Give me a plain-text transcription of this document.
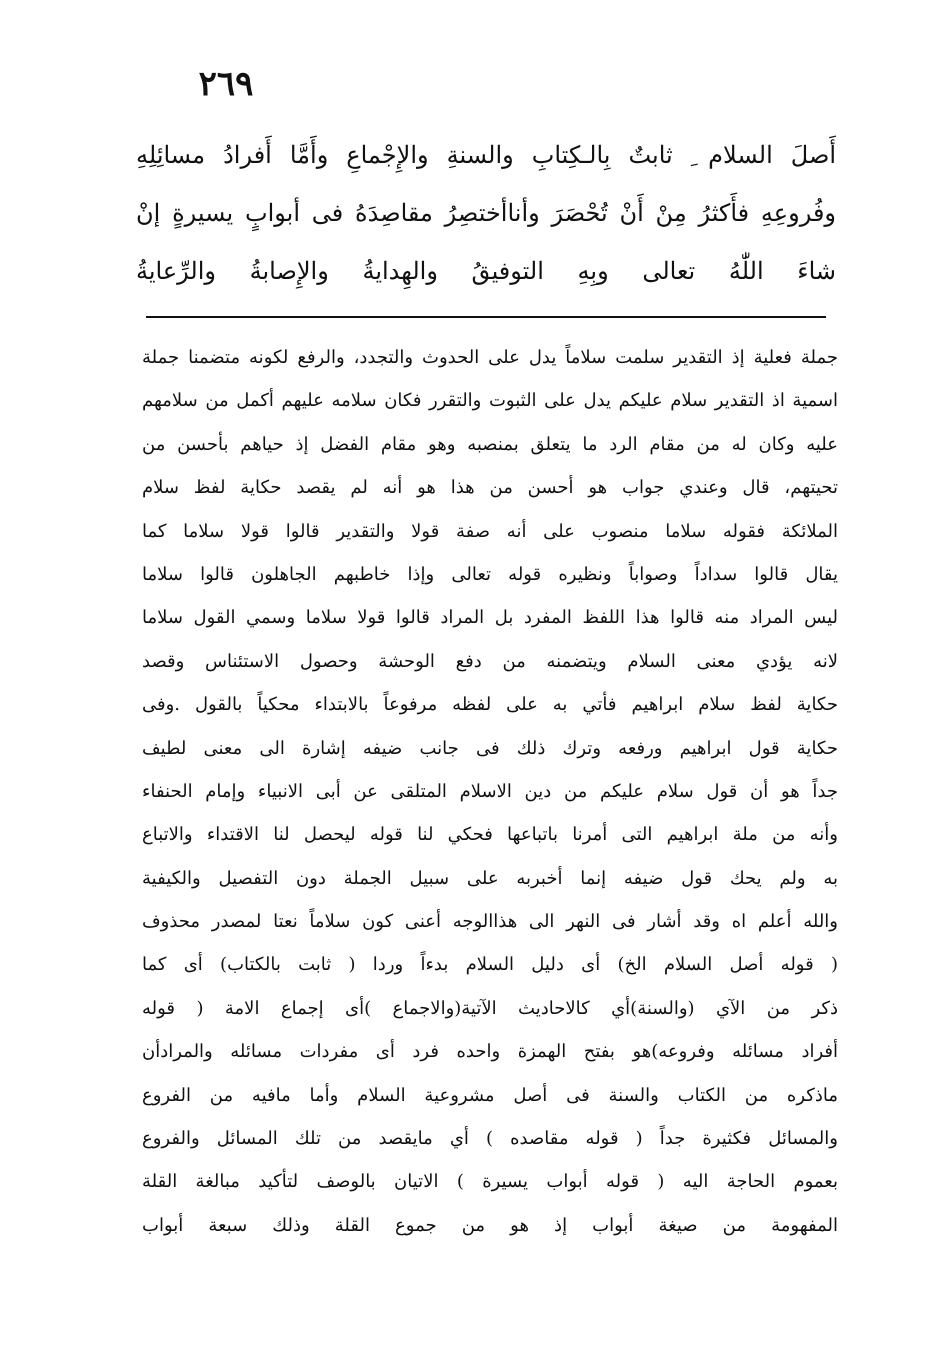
٢٦٩
أَصلَ السلام ِ ثابتٌ بِالـكِتابِ والسنةِ والإِجْماعِ وأَمَّا أَفرادُ مسائِلِهِ
وفُروعِهِ فأَكثرُ مِنْ أَنْ تُحْصَرَ وأناأختصِرُ مقاصِدَهُ فى أبوابٍ يسيرةٍ إنْ
شاءَ اللّٰهُ تعالى وبِهِ التوفيقُ والهِدايةُ والإِصابةُ والرِّعايةُ
جملة فعلية إذ التقدير سلمت سلاماً يدل على الحدوث والتجدد، والرفع لكونه متضمنا جملة
اسمية اذ التقدير سلام عليكم يدل على الثبوت والتقرر فكان سلامه عليهم أكمل من سلامهم
عليه وكان له من مقام الرد ما يتعلق بمنصبه وهو مقام الفضل إذ حياهم بأحسن من
تحيتهم، قال وعندي جواب هو أحسن من هذا هو أنه لم يقصد حكاية لفظ سلام
الملائكة فقوله سلاما منصوب على أنه صفة قولا والتقدير قالوا قولا سلاما كما
يقال قالوا سداداً وصواباً ونظيره قوله تعالى وإذا خاطبهم الجاهلون قالوا سلاما
ليس المراد منه قالوا هذا اللفظ المفرد بل المراد قالوا قولا سلاما وسمي القول سلاما
لانه يؤدي معنى السلام ويتضمنه من دفع الوحشة وحصول الاستئناس وقصد
حكاية لفظ سلام ابراهيم فأتي به على لفظه مرفوعاً بالابتداء محكياً بالقول .وفى
حكاية قول ابراهيم ورفعه وترك ذلك فى جانب ضيفه إشارة الى معنى لطيف
جداً هو أن قول سلام عليكم من دين الاسلام المتلقى عن أبى الانبياء وإمام الحنفاء
وأنه من ملة ابراهيم التى أمرنا باتباعها فحكي لنا قوله ليحصل لنا الاقتداء والاتباع
به ولم يحك قول ضيفه إنما أخبربه على سبيل الجملة دون التفصيل والكيفية
والله أعلم اه وقد أشار فى النهر الى هذاالوجه أعنى كون سلاماً نعتا لمصدر محذوف
( قوله أصل السلام الخ) أى دليل السلام بدءاً وردا ( ثابت بالكتاب) أى كما
ذكر من الآي (والسنة)أي كالاحاديث الآتية(والاجماع )أى إجماع الامة ( قوله
أفراد مسائله وفروعه)هو بفتح الهمزة واحده فرد أى مفردات مسائله والمرادأن
ماذكره من الكتاب والسنة فى أصل مشروعية السلام وأما مافيه من الفروع
والمسائل فكثيرة جداً ( قوله مقاصده ) أي مايقصد من تلك المسائل والفروع
بعموم الحاجة اليه ( قوله أبواب يسيرة ) الاتيان بالوصف لتأكيد مبالغة القلة
المفهومة من صيغة أبواب إذ هو من جموع القلة وذلك سبعة أبواب
